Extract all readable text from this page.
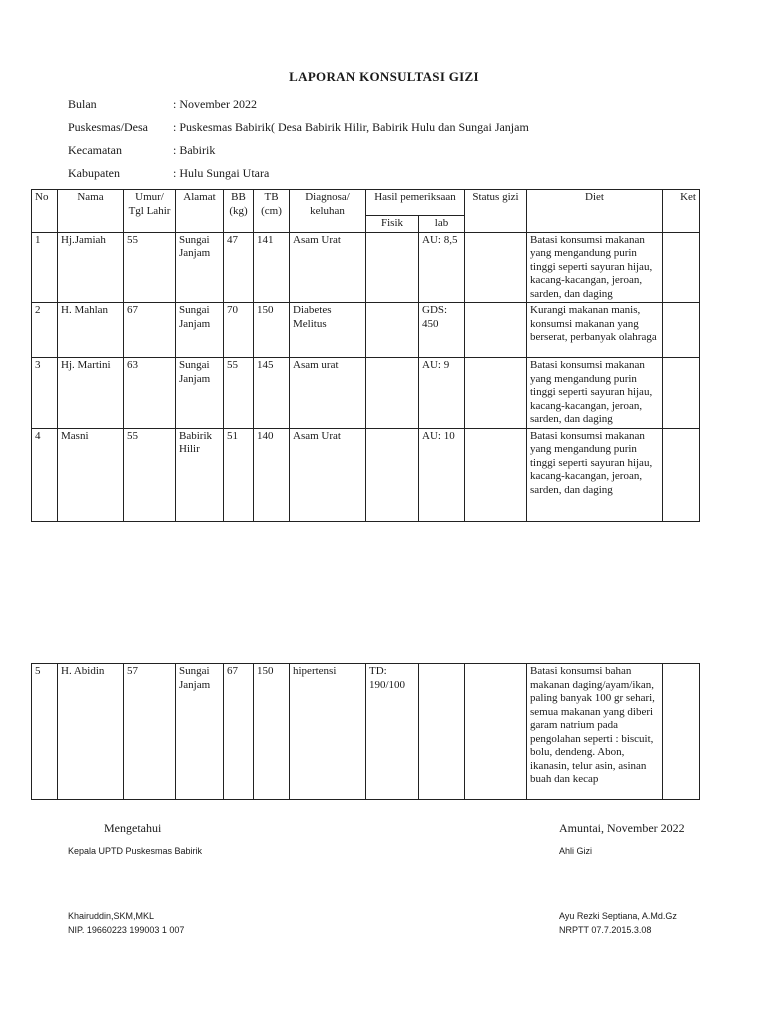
LAPORAN KONSULTASI GIZI
Bulan	: November 2022
Puskesmas/Desa : Puskesmas Babirik( Desa Babirik Hilir, Babirik Hulu dan Sungai Janjam
Kecamatan	: Babirik
Kabupaten	: Hulu Sungai Utara
No	Nama	Umur/ Tgl Lahir	Alamat	BB (kg)	TB (cm)	Diagnosa/ keluhan	Hasil pemeriksaan		Status gizi	Diet	Ket
							Fisik	lab			
1	Hj.Jamiah	55	Sungai Janjam	47	141	Asam Urat		AU: 8,5		Batasi konsumsi makanan yang mengandung purin tinggi seperti sayuran hijau, kacang-kacangan, jeroan, sarden, dan daging	
2	H. Mahlan	67	Sungai Janjam	70	150	Diabetes Melitus		GDS: 450		Kurangi makanan manis, konsumsi makanan yang berserat, perbanyak olahraga	
3	Hj. Martini	63	Sungai Janjam	55	145	Asam urat		AU: 9		Batasi konsumsi makanan yang mengandung purin tinggi seperti sayuran hijau, kacang-kacangan, jeroan, sarden, dan daging	
4	Masni	55	Babirik Hilir	51	140	Asam Urat		AU: 10		Batasi konsumsi makanan yang mengandung purin tinggi seperti sayuran hijau, kacang-kacangan, jeroan, sarden, dan daging	
5	H. Abidin	57	Sungai Janjam	67	150	hipertensi	TD: 190/100			Batasi konsumsi bahan makanan daging/ayam/ikan, paling banyak 100 gr sehari, semua makanan yang diberi garam natrium pada pengolahan seperti : biscuit, bolu, dendeng. Abon, ikanasin, telur asin, asinan buah dan kecap	
Mengetahui
Kepala UPTD Puskesmas Babirik
Khairuddin,SKM,MKL
NIP. 19660223 199003 1 007
Amuntai, November 2022
Ahli Gizi
Ayu Rezki Septiana, A.Md.Gz
NRPTT 07.7.2015.3.08
